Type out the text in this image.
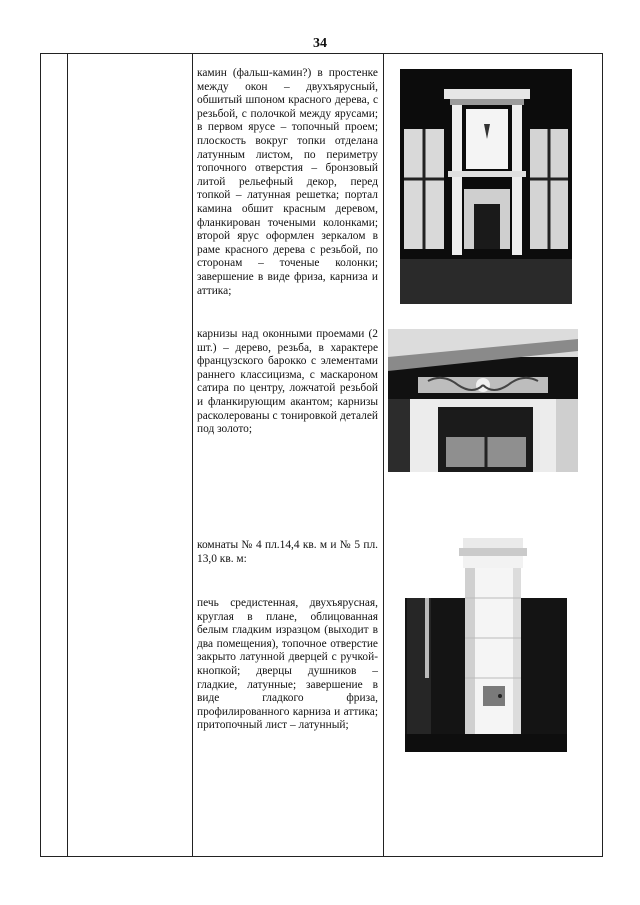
34

камин (фальш-камин?) в простенке между окон – двухъярусный, обшитый шпоном красного дерева, с резьбой, с полочкой между ярусами; в первом ярусе – топочный проем; плоскость вокруг топки отделана латунным листом, по периметру топочного отверстия – бронзовый литой рельефный декор, перед топкой – латунная решетка; портал камина обшит красным деревом, фланкирован точеными колонками; второй ярус оформлен зеркалом в раме красного дерева с резьбой, по сторонам – точеные колонки; завершение в виде фриза, карниза и аттика;

карнизы над оконными проемами (2 шт.) – дерево, резьба, в характере французского барокко с элементами раннего классицизма, с маскароном сатира по центру, ложчатой резьбой и фланкирующим акантом; карнизы расколерованы с тонировкой деталей под золото;

комнаты № 4 пл.14,4 кв. м и № 5 пл. 13,0 кв. м:

печь средистенная, двухъярусная, круглая в плане, облицованная белым гладким изразцом (выходит в два помещения), топочное отверстие закрыто латунной дверцей с ручкой-кнопкой; дверцы душников – гладкие, латунные; завершение в виде гладкого фриза, профилированного карниза и аттика; притопочный лист – латунный;
